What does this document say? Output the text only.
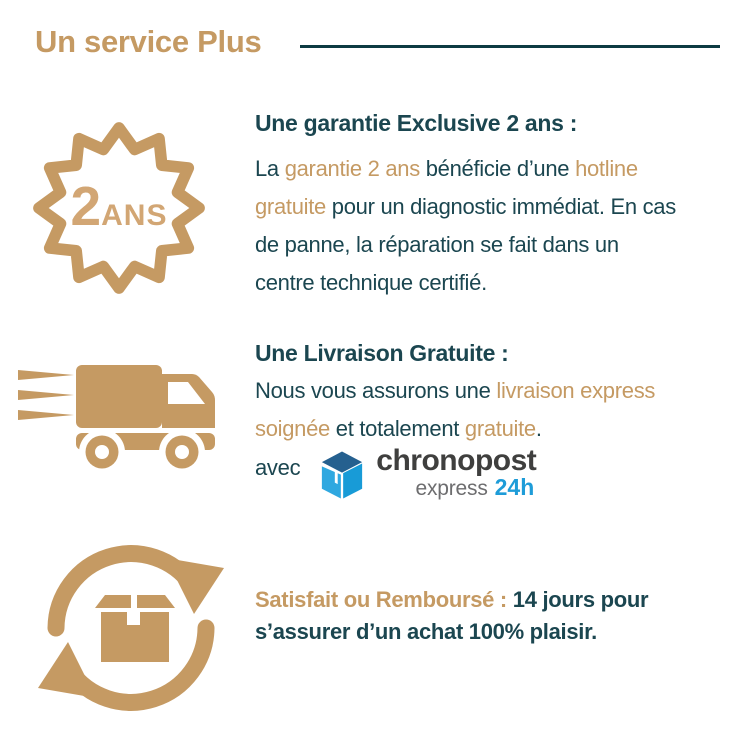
Un service Plus
2 ANS
Une garantie Exclusive 2 ans :
La garantie 2 ans bénéficie d’une hotline
gratuite pour un diagnostic immédiat. En cas
de panne, la réparation se fait dans un
centre technique certifié.
Une Livraison Gratuite :
Nous vous assurons une livraison express
soignée et totalement gratuite.
avec	chronopost
express 24h
Satisfait ou Remboursé : 14 jours pour
s’assurer d’un achat 100% plaisir.
